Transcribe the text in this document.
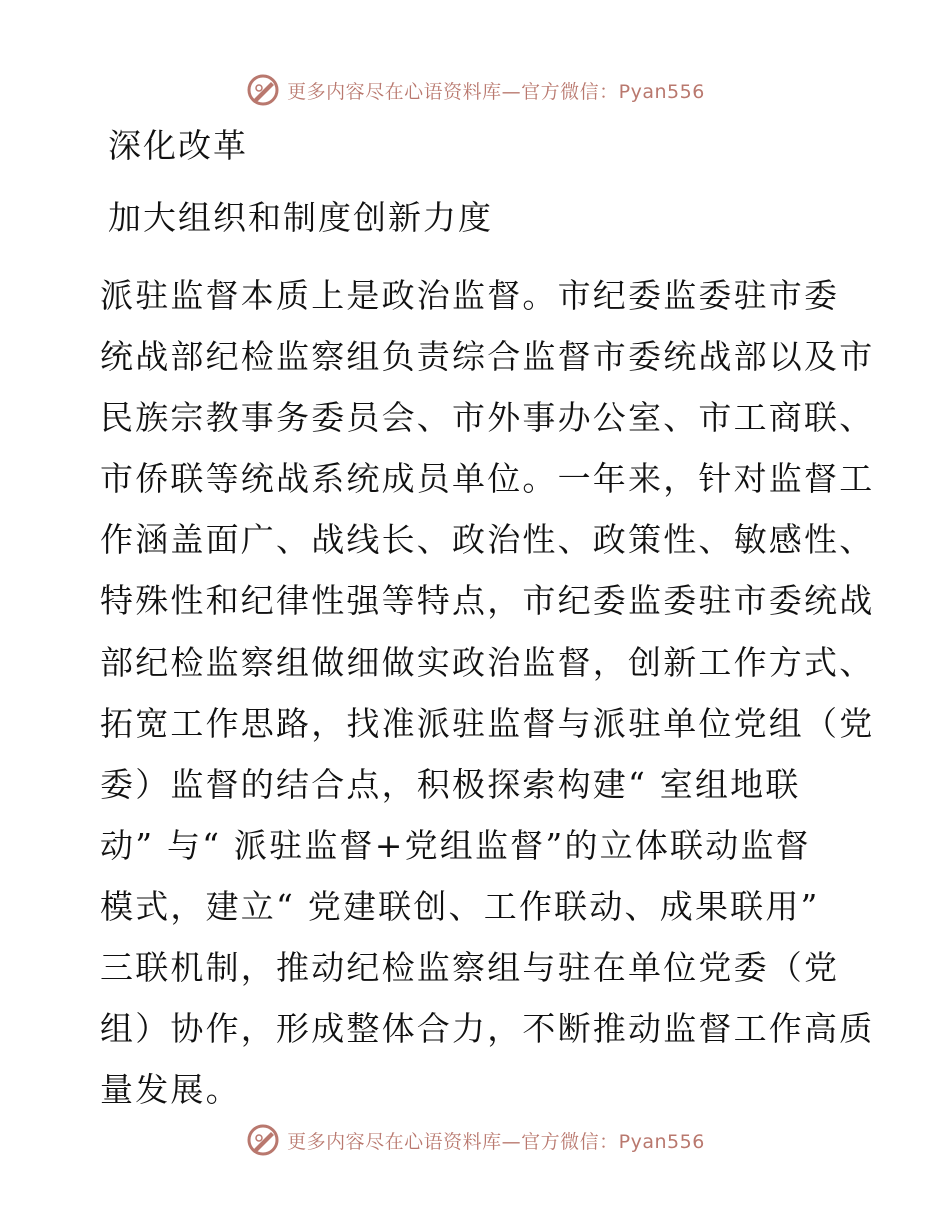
更多内容尽在心语资料库—官方微信：Pyan556
深化改革
加大组织和制度创新力度
派驻监督本质上是政治监督。市纪委监委驻市委
统战部纪检监察组负责综合监督市委统战部以及市
民族宗教事务委员会、市外事办公室、市工商联、
市侨联等统战系统成员单位。一年来，针对监督工
作涵盖面广、战线长、政治性、政策性、敏感性、
特殊性和纪律性强等特点，市纪委监委驻市委统战
部纪检监察组做细做实政治监督，创新工作方式、
拓宽工作思路，找准派驻监督与派驻单位党组（党
委）监督的结合点，积极探索构建“ 室组地联
动” 与“ 派驻监督+党组监督”的立体联动监督
模式，建立“ 党建联创、工作联动、成果联用”
三联机制，推动纪检监察组与驻在单位党委（党
组）协作，形成整体合力，不断推动监督工作高质
量发展。
更多内容尽在心语资料库—官方微信：Pyan556
